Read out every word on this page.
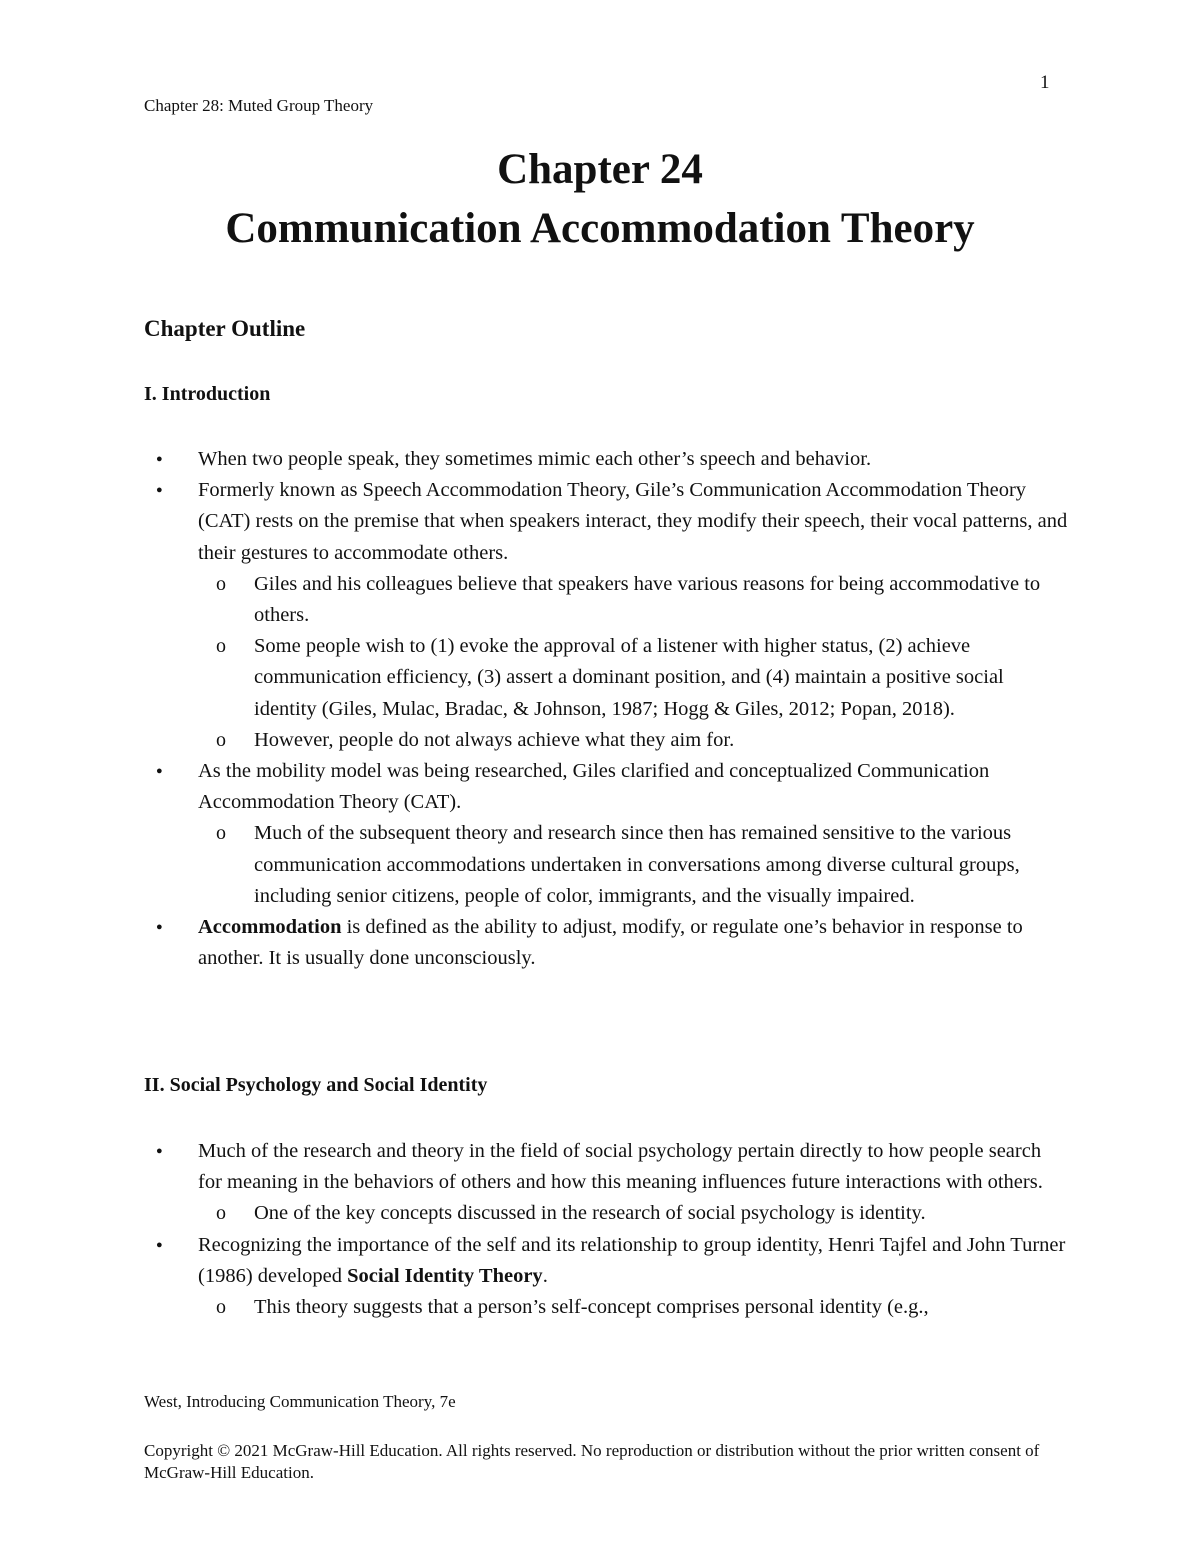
1
Chapter 28: Muted Group Theory
Chapter 24
Communication Accommodation Theory
Chapter Outline
I. Introduction
● When two people speak, they sometimes mimic each other’s speech and behavior.
● Formerly known as Speech Accommodation Theory, Gile’s Communication Accommodation Theory (CAT) rests on the premise that when speakers interact, they modify their speech, their vocal patterns, and their gestures to accommodate others.
o Giles and his colleagues believe that speakers have various reasons for being accommodative to others.
o Some people wish to (1) evoke the approval of a listener with higher status, (2) achieve communication efficiency, (3) assert a dominant position, and (4) maintain a positive social identity (Giles, Mulac, Bradac, & Johnson, 1987; Hogg & Giles, 2012; Popan, 2018).
o However, people do not always achieve what they aim for.
● As the mobility model was being researched, Giles clarified and conceptualized Communication Accommodation Theory (CAT).
o Much of the subsequent theory and research since then has remained sensitive to the various communication accommodations undertaken in conversations among diverse cultural groups, including senior citizens, people of color, immigrants, and the visually impaired.
● Accommodation is defined as the ability to adjust, modify, or regulate one’s behavior in response to another. It is usually done unconsciously.
II. Social Psychology and Social Identity
● Much of the research and theory in the field of social psychology pertain directly to how people search for meaning in the behaviors of others and how this meaning influences future interactions with others.
o One of the key concepts discussed in the research of social psychology is identity.
● Recognizing the importance of the self and its relationship to group identity, Henri Tajfel and John Turner (1986) developed Social Identity Theory.
o This theory suggests that a person’s self-concept comprises personal identity (e.g.,
West, Introducing Communication Theory, 7e
Copyright © 2021 McGraw-Hill Education. All rights reserved. No reproduction or distribution without the prior written consent of McGraw-Hill Education.
